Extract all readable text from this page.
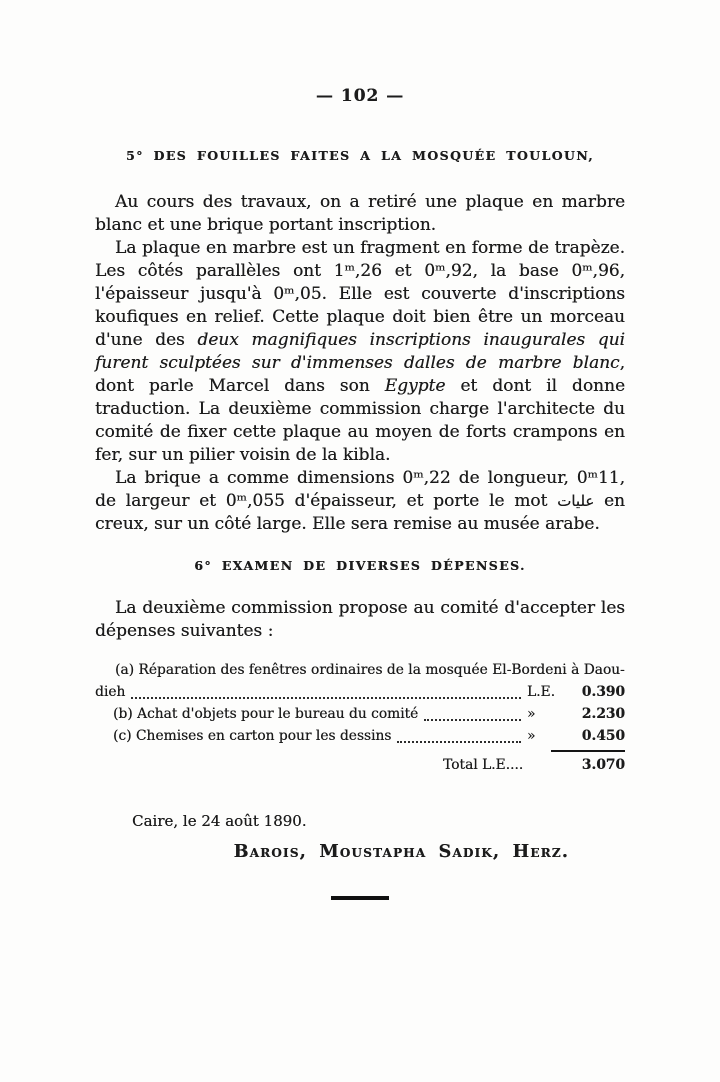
— 102 —
5° DES FOUILLES FAITES A LA MOSQUÉE TOULOUN,

Au cours des travaux, on a retiré une plaque en marbre blanc et une brique portant inscription.

La plaque en marbre est un fragment en forme de trapèze. Les côtés parallèles ont 1ᵐ,26 et 0ᵐ,92, la base 0ᵐ,96, l'épaisseur jusqu'à 0ᵐ,05. Elle est couverte d'inscriptions koufiques en relief. Cette plaque doit bien être un morceau d'une des deux magnifiques inscriptions inaugurales qui furent sculptées sur d'immenses dalles de marbre blanc, dont parle Marcel dans son Egypte et dont il donne traduction. La deuxième commission charge l'architecte du comité de fixer cette plaque au moyen de forts crampons en fer, sur un pilier voisin de la kibla.

La brique a comme dimensions 0ᵐ,22 de longueur, 0ᵐ11, de largeur et 0ᵐ,055 d'épaisseur, et porte le mot عليات en creux, sur un côté large. Elle sera remise au musée arabe.

6° EXAMEN DE DIVERSES DÉPENSES.

La deuxième commission propose au comité d'accepter les dépenses suivantes :

(a) Réparation des fenêtres ordinaires de la mosquée El-Bordeni à Daou-

dieh	L.E.	0.390
(b) Achat d'objets pour le bureau du comité	»	2.230
(c) Chemises en carton pour les dessins	»	0.450
Total L.E....	3.070
Caire, le 24 août 1890.
Barois, Moustapha Sadik, Herz.
